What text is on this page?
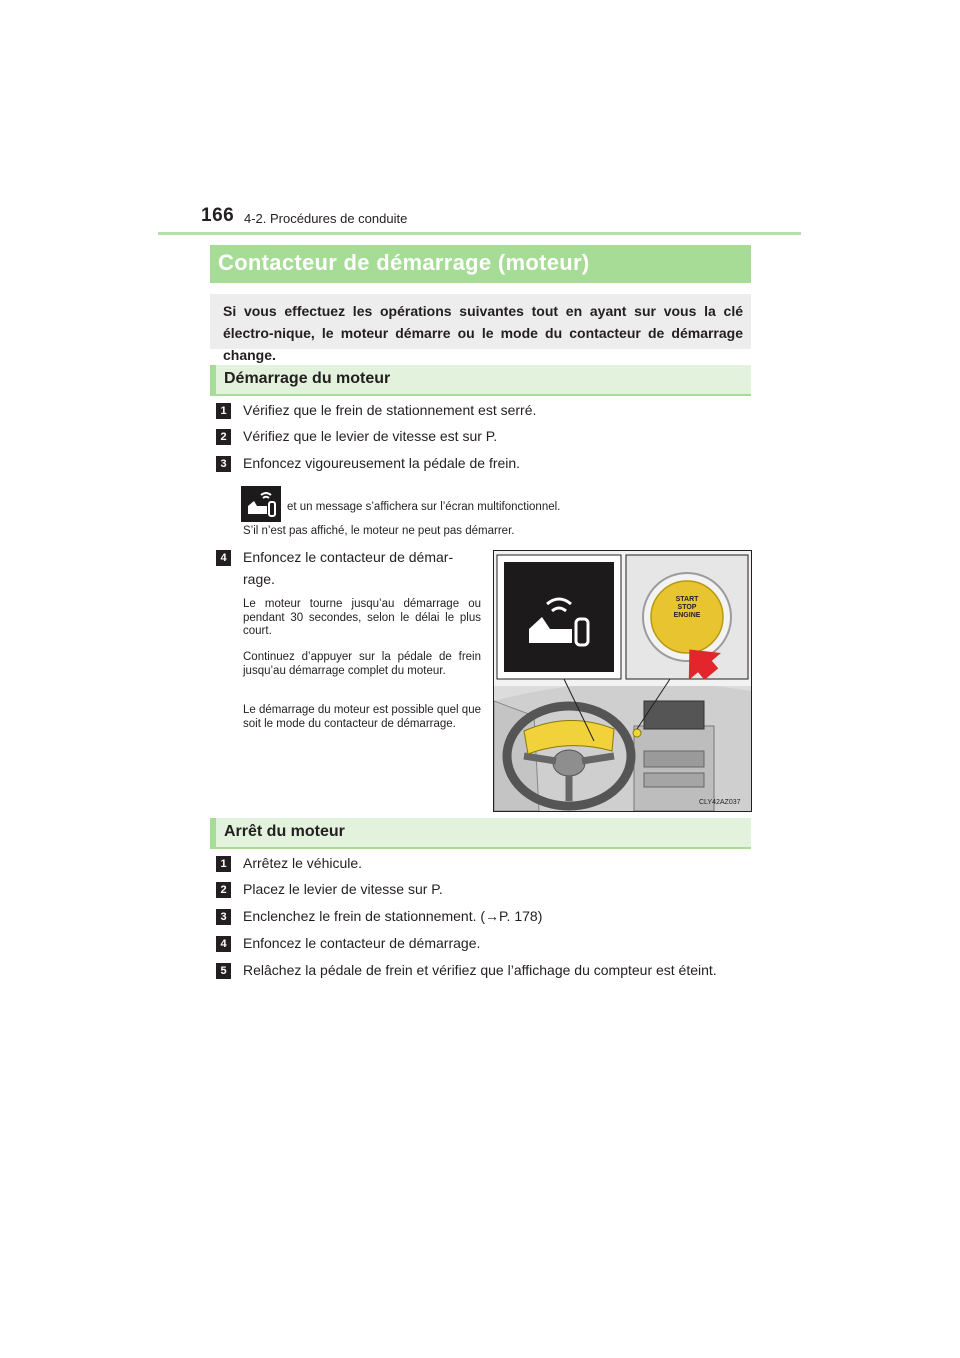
166 4-2. Procédures de conduite
Contacteur de démarrage (moteur)
Si vous effectuez les opérations suivantes tout en ayant sur vous la clé électro-nique, le moteur démarre ou le mode du contacteur de démarrage change.
Démarrage du moteur
1	Vérifiez que le frein de stationnement est serré.
2	Vérifiez que le levier de vitesse est sur P.
3	Enfoncez vigoureusement la pédale de frein.
et un message s’affichera sur l’écran multifonctionnel.
S’il n’est pas affiché, le moteur ne peut pas démarrer.
4	Enfoncez le contacteur de démar-
rage.
Le moteur tourne jusqu’au démarrage ou pendant 30 secondes, selon le délai le plus court.
Continuez d’appuyer sur la pédale de frein jusqu’au démarrage complet du moteur.
Le démarrage du moteur est possible quel que soit le mode du contacteur de démarrage.
START
STOP
ENGINE
CLY42AZ037
Arrêt du moteur
1	Arrêtez le véhicule.
2	Placez le levier de vitesse sur P.
3	Enclenchez le frein de stationnement. (→P. 178)
4	Enfoncez le contacteur de démarrage.
5	Relâchez la pédale de frein et vérifiez que l’affichage du compteur est éteint.
